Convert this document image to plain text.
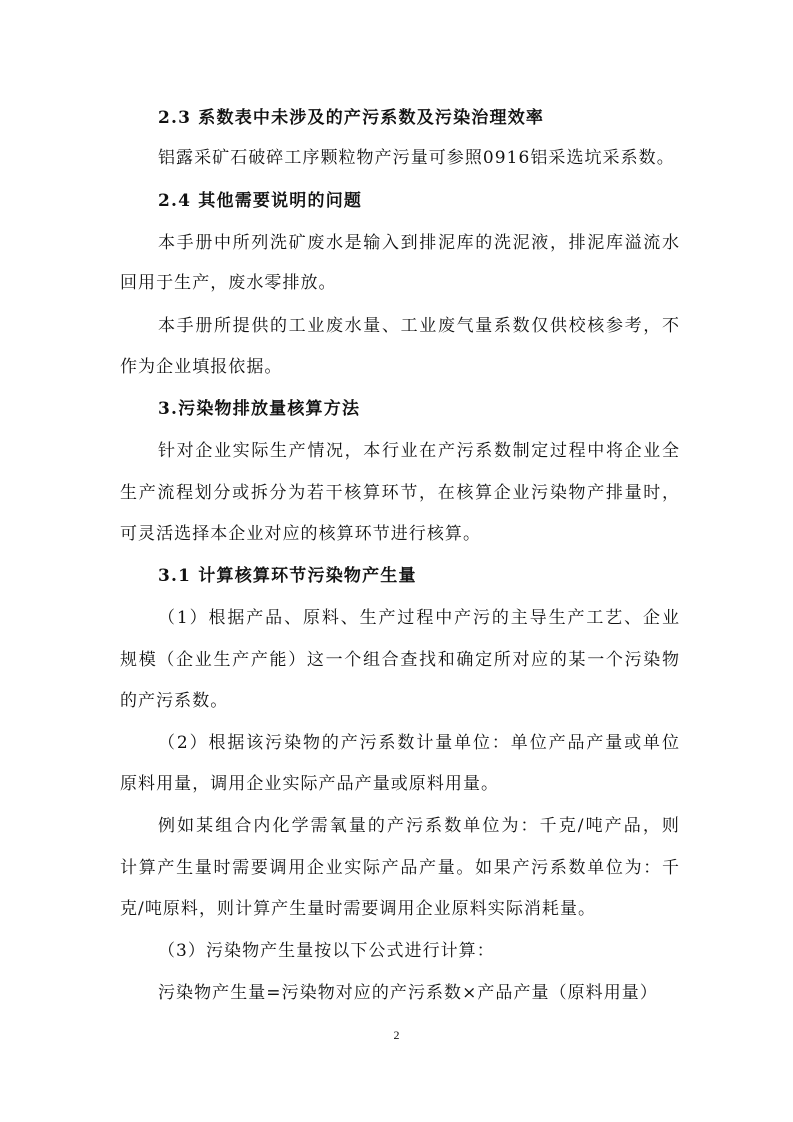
2.3 系数表中未涉及的产污系数及污染治理效率
铝露采矿石破碎工序颗粒物产污量可参照0916铝采选坑采系数。
2.4 其他需要说明的问题
本手册中所列洗矿废水是输入到排泥库的洗泥液，排泥库溢流水
回用于生产，废水零排放。
本手册所提供的工业废水量、工业废气量系数仅供校核参考，不
作为企业填报依据。
3.污染物排放量核算方法
针对企业实际生产情况，本行业在产污系数制定过程中将企业全
生产流程划分或拆分为若干核算环节，在核算企业污染物产排量时，
可灵活选择本企业对应的核算环节进行核算。
3.1 计算核算环节污染物产生量
（1）根据产品、原料、生产过程中产污的主导生产工艺、企业
规模（企业生产产能）这一个组合查找和确定所对应的某一个污染物
的产污系数。
（2）根据该污染物的产污系数计量单位：单位产品产量或单位
原料用量，调用企业实际产品产量或原料用量。
例如某组合内化学需氧量的产污系数单位为：千克/吨产品，则
计算产生量时需要调用企业实际产品产量。如果产污系数单位为：千
克/吨原料，则计算产生量时需要调用企业原料实际消耗量。
（3）污染物产生量按以下公式进行计算：
污染物产生量=污染物对应的产污系数×产品产量（原料用量）
2
